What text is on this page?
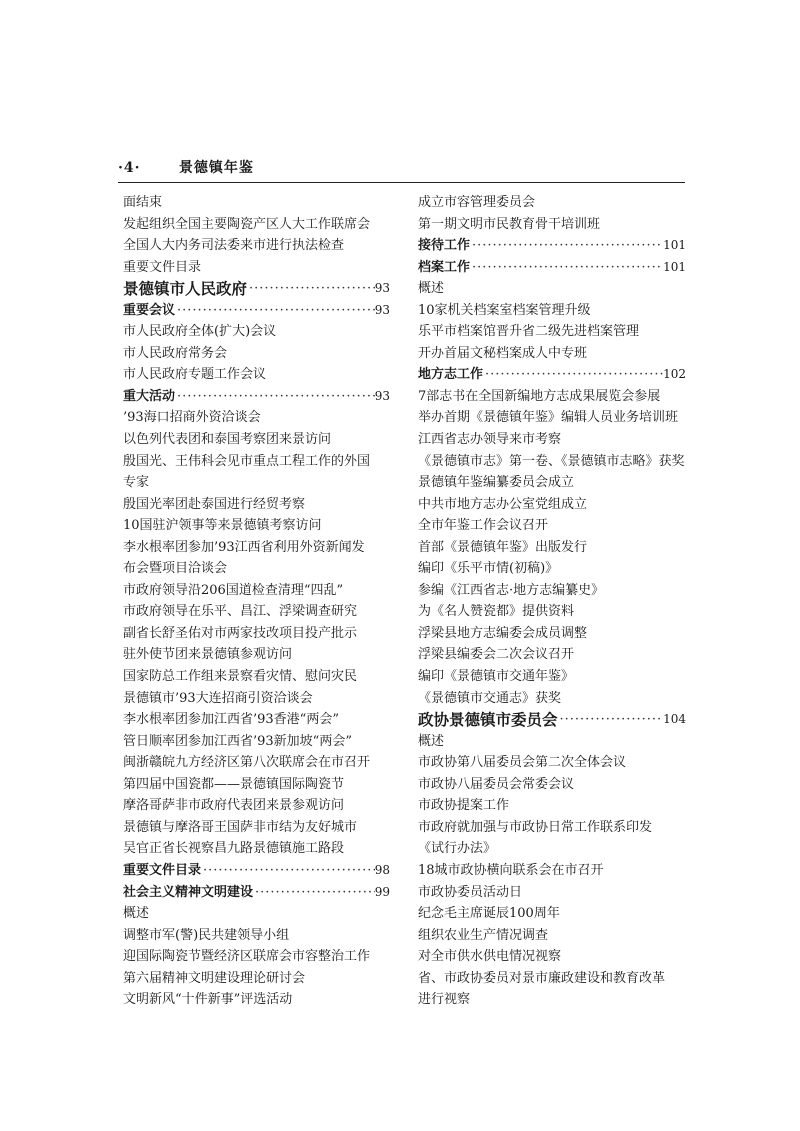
·4·	景德镇年鉴
面结束
发起组织全国主要陶瓷产区人大工作联席会
全国人大内务司法委来市进行执法检查
重要文件目录
景德镇市人民政府 ·····	93
重要会议 ·····	93
市人民政府全体(扩大)会议
市人民政府常务会
市人民政府专题工作会议
重大活动 ·····	93
’93海口招商外资洽谈会
以色列代表团和泰国考察团来景访问
殷国光、王伟科会见市重点工程工作的外国
专家
殷国光率团赴泰国进行经贸考察
10国驻沪领事等来景德镇考察访问
李水根率团参加’93江西省利用外资新闻发
布会暨项目洽谈会
市政府领导沿206国道检查清理“四乱”
市政府领导在乐平、昌江、浮梁调查研究
副省长舒圣佑对市两家技改项目投产批示
驻外使节团来景德镇参观访问
国家防总工作组来景察看灾情、慰问灾民
景德镇市’93大连招商引资洽谈会
李水根率团参加江西省’93香港“两会”
管日顺率团参加江西省’93新加坡“两会”
闽浙赣皖九方经济区第八次联席会在市召开
第四届中国瓷都——景德镇国际陶瓷节
摩洛哥萨非市政府代表团来景参观访问
景德镇与摩洛哥王国萨非市结为友好城市
吴官正省长视察昌九路景德镇施工路段
重要文件目录 ·····	98
社会主义精神文明建设 ·····	99
概述
调整市军(警)民共建领导小组
迎国际陶瓷节暨经济区联席会市容整治工作
第六届精神文明建设理论研讨会
文明新风“十件新事”评选活动
成立市容管理委员会
第一期文明市民教育骨干培训班
接待工作 ·····	101
档案工作 ·····	101
概述
10家机关档案室档案管理升级
乐平市档案馆晋升省二级先进档案管理
开办首届文秘档案成人中专班
地方志工作 ·····	102
7部志书在全国新编地方志成果展览会参展
举办首期《景德镇年鉴》编辑人员业务培训班
江西省志办领导来市考察
《景德镇市志》第一卷、《景德镇市志略》获奖
景德镇年鉴编纂委员会成立
中共市地方志办公室党组成立
全市年鉴工作会议召开
首部《景德镇年鉴》出版发行
编印《乐平市情(初稿)》
参编《江西省志·地方志编纂史》
为《名人赞瓷都》提供资料
浮梁县地方志编委会成员调整
浮梁县编委会二次会议召开
编印《景德镇市交通年鉴》
《景德镇市交通志》获奖
政协景德镇市委员会 ·····	104
概述
市政协第八届委员会第二次全体会议
市政协八届委员会常委会议
市政协提案工作
市政府就加强与市政协日常工作联系印发
《试行办法》
18城市政协横向联系会在市召开
市政协委员活动日
纪念毛主席诞辰100周年
组织农业生产情况调查
对全市供水供电情况视察
省、市政协委员对景市廉政建设和教育改革
进行视察
